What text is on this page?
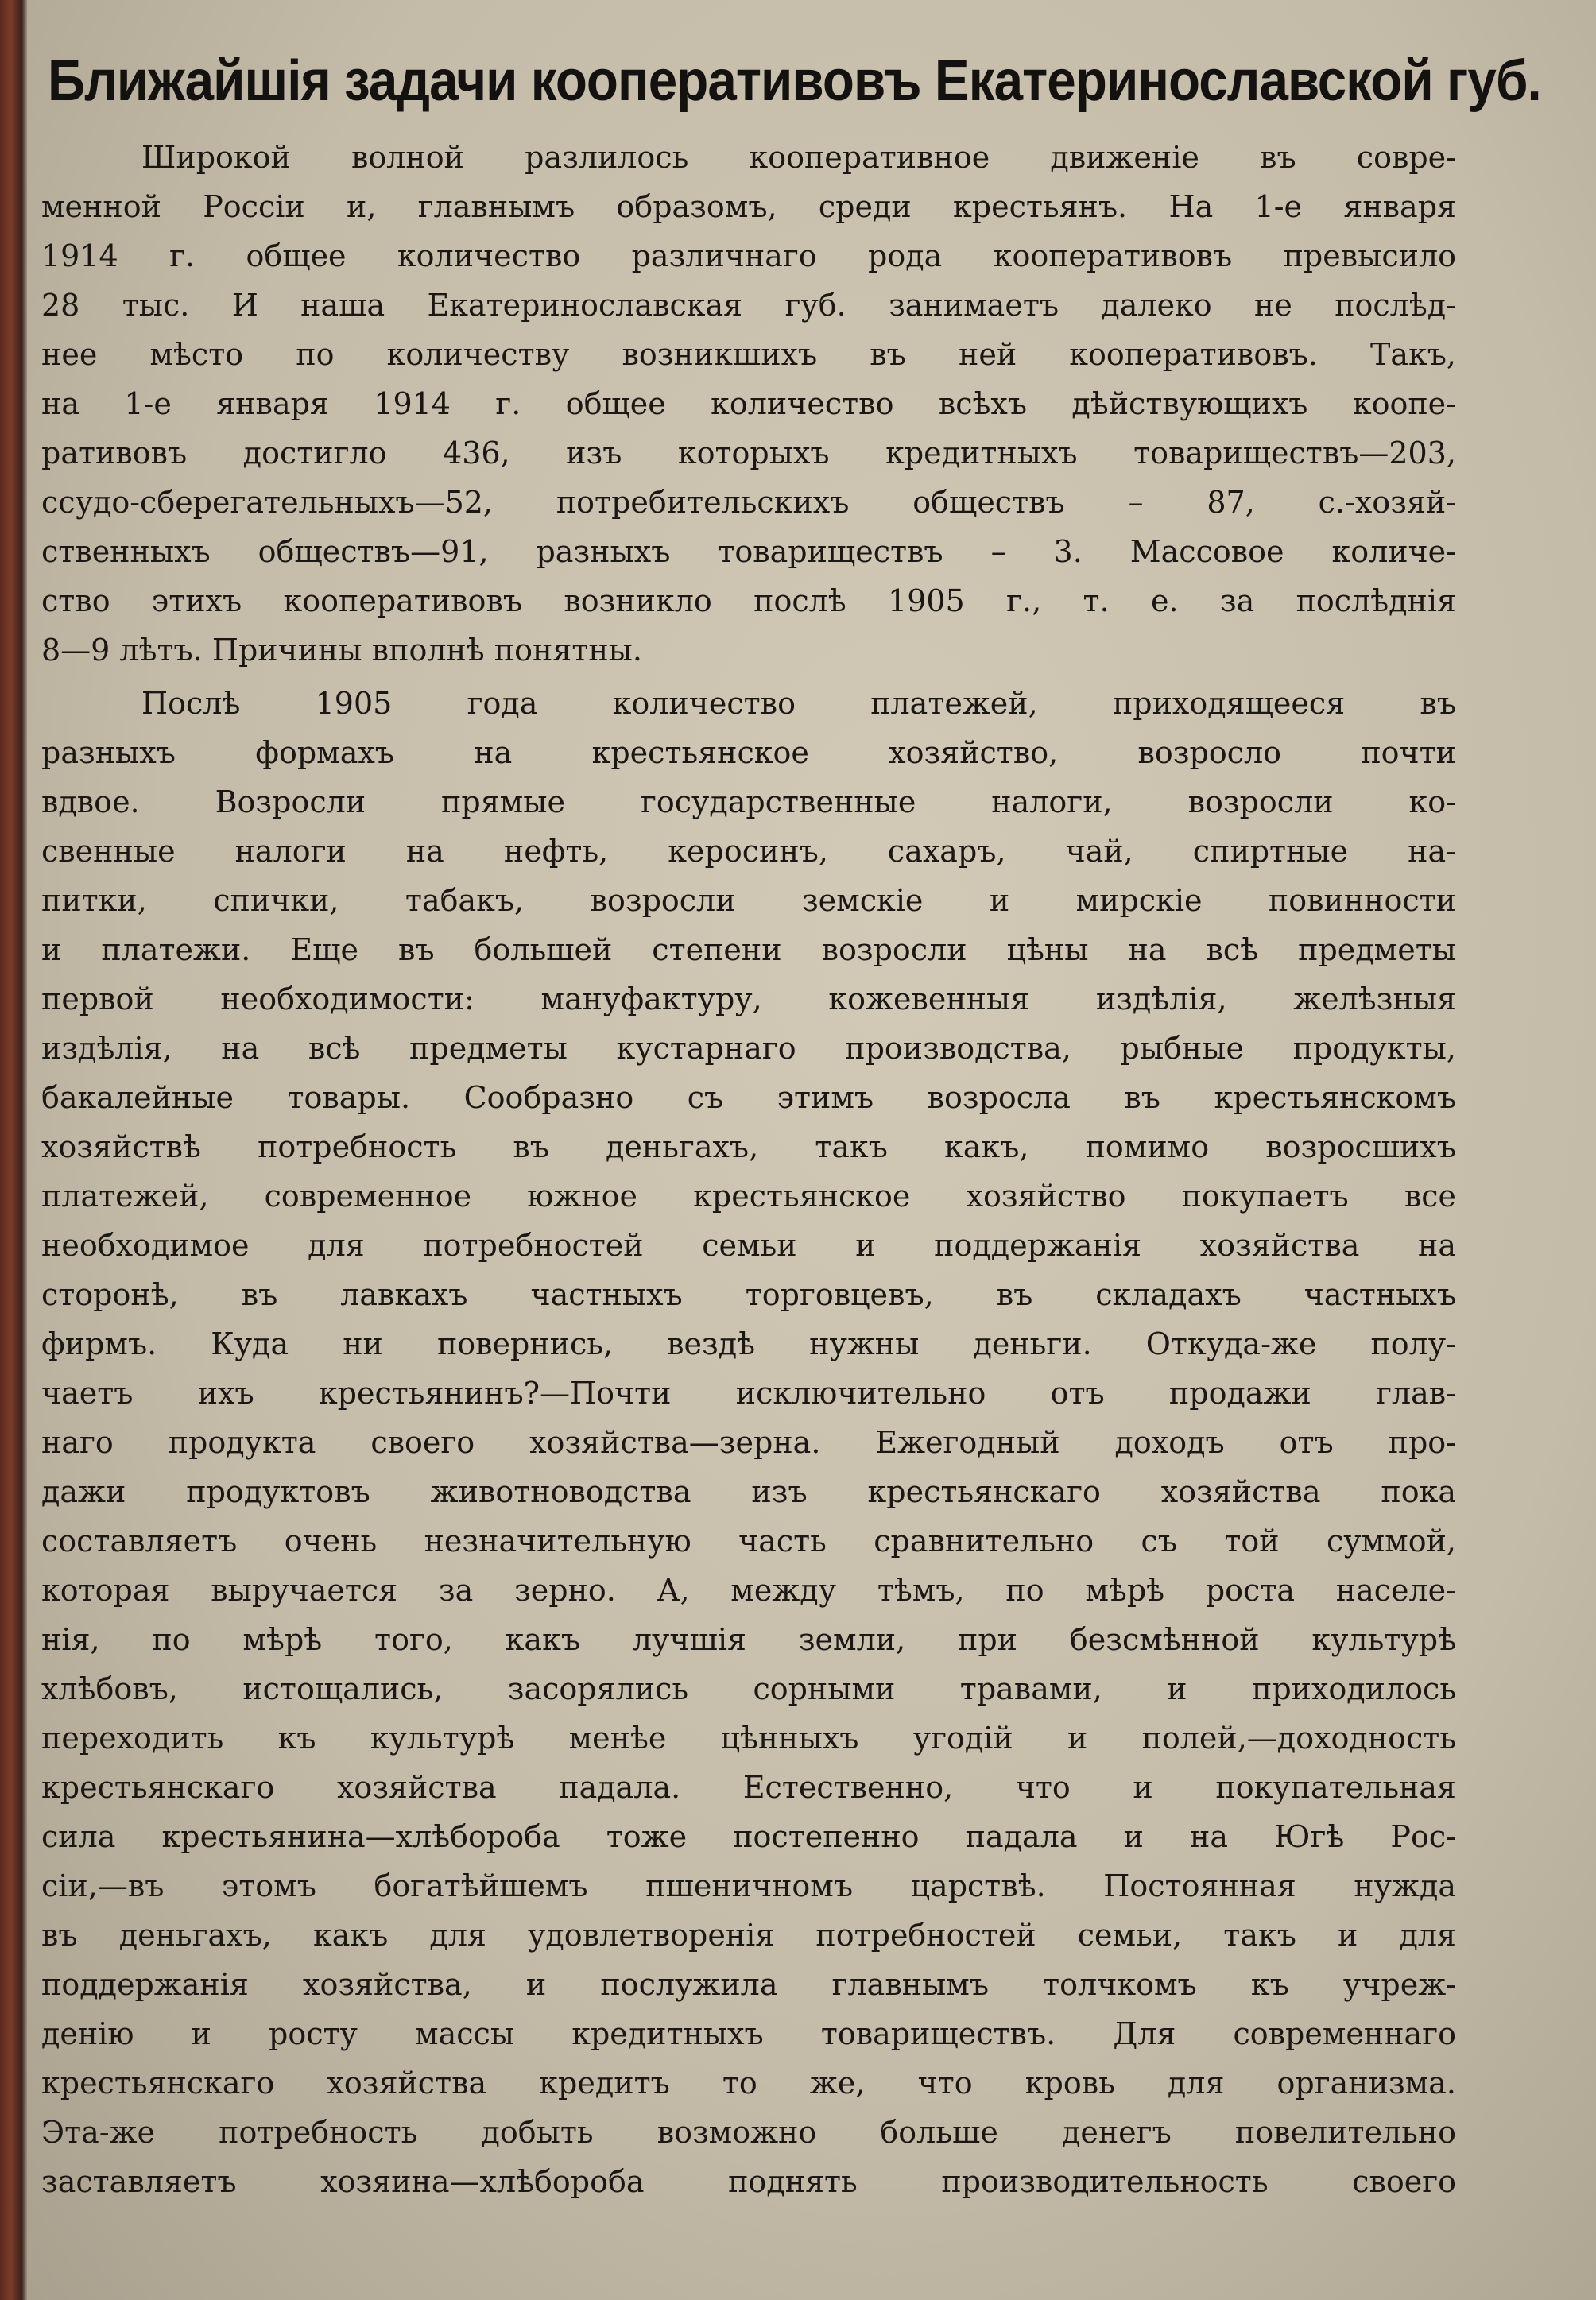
Ближайшія задачи кооперативовъ Екатеринославской губ.
Широкой волной разлилось кооперативное движеніе въ совре-
менной Россіи и, главнымъ образомъ, среди крестьянъ. На 1-е января
1914 г. общее количество различнаго рода кооперативовъ превысило
28 тыс. И наша Екатеринославская губ. занимаетъ далеко не послѣд-
нее мѣсто по количеству возникшихъ въ ней кооперативовъ. Такъ,
на 1-е января 1914 г. общее количество всѣхъ дѣйствующихъ коопе-
ративовъ достигло 436, изъ которыхъ кредитныхъ товариществъ—203,
ссудо-сберегательныхъ—52, потребительскихъ обществъ – 87, с.-хозяй-
ственныхъ обществъ—91, разныхъ товариществъ – 3. Массовое количе-
ство этихъ кооперативовъ возникло послѣ 1905 г., т. е. за послѣднія
8—9 лѣтъ. Причины вполнѣ понятны.
Послѣ 1905 года количество платежей, приходящееся въ
разныхъ формахъ на крестьянское хозяйство, возросло почти
вдвое. Возросли прямые государственные налоги, возросли ко-
свенные налоги на нефть, керосинъ, сахаръ, чай, спиртные на-
питки, спички, табакъ, возросли земскіе и мирскіе повинности
и платежи. Еще въ большей степени возросли цѣны на всѣ предметы
первой необходимости: мануфактуру, кожевенныя издѣлія, желѣзныя
издѣлія, на всѣ предметы кустарнаго производства, рыбные продукты,
бакалейные товары. Сообразно съ этимъ возросла въ крестьянскомъ
хозяйствѣ потребность въ деньгахъ, такъ какъ, помимо возросшихъ
платежей, современное южное крестьянское хозяйство покупаетъ все
необходимое для потребностей семьи и поддержанія хозяйства на
сторонѣ, въ лавкахъ частныхъ торговцевъ, въ складахъ частныхъ
фирмъ. Куда ни повернись, вездѣ нужны деньги. Откуда-же полу-
чаетъ ихъ крестьянинъ?—Почти исключительно отъ продажи глав-
наго продукта своего хозяйства—зерна. Ежегодный доходъ отъ про-
дажи продуктовъ животноводства изъ крестьянскаго хозяйства пока
составляетъ очень незначительную часть сравнительно съ той суммой,
которая выручается за зерно. А, между тѣмъ, по мѣрѣ роста населе-
нія, по мѣрѣ того, какъ лучшія земли, при безсмѣнной культурѣ
хлѣбовъ, истощались, засорялись сорными травами, и приходилось
переходить къ культурѣ менѣе цѣнныхъ угодій и полей,—доходность
крестьянскаго хозяйства падала. Естественно, что и покупательная
сила крестьянина—хлѣбороба тоже постепенно падала и на Югѣ Рос-
сіи,—въ этомъ богатѣйшемъ пшеничномъ царствѣ. Постоянная нужда
въ деньгахъ, какъ для удовлетворенія потребностей семьи, такъ и для
поддержанія хозяйства, и послужила главнымъ толчкомъ къ учреж-
денію и росту массы кредитныхъ товариществъ. Для современнаго
крестьянскаго хозяйства кредитъ то же, что кровь для организма.
Эта-же потребность добыть возможно больше денегъ повелительно
заставляетъ хозяина—хлѣбороба поднять производительность своего
